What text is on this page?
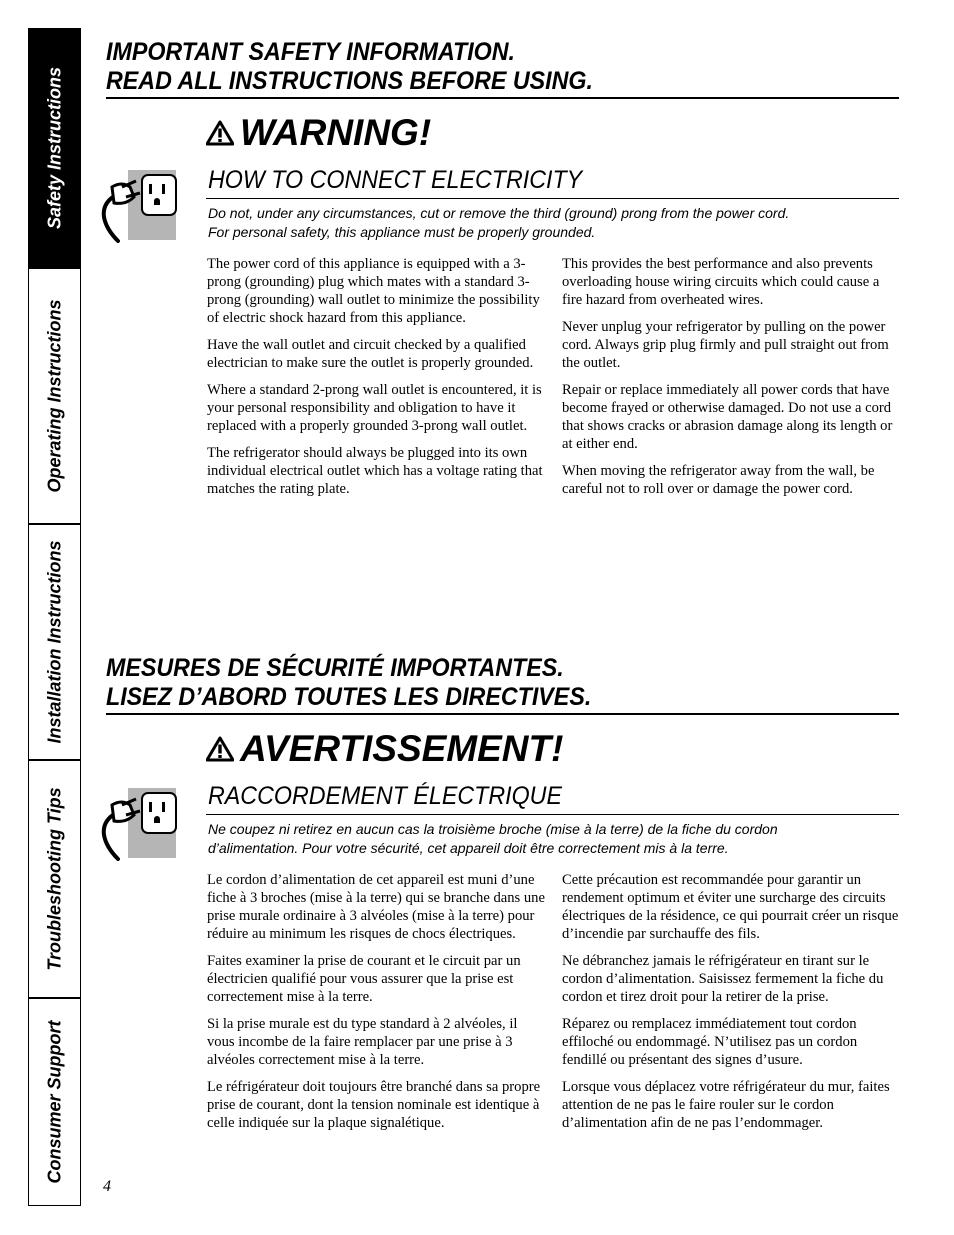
Safety Instructions
Operating Instructions
Installation Instructions
Troubleshooting Tips
Consumer Support
IMPORTANT SAFETY INFORMATION.
READ ALL INSTRUCTIONS BEFORE USING.
WARNING!
HOW TO CONNECT ELECTRICITY
Do not, under any circumstances, cut or remove the third (ground) prong from the power cord.
For personal safety, this appliance must be properly grounded.

The power cord of this appliance is equipped with a 3-prong (grounding) plug which mates with a standard 3-prong (grounding) wall outlet to minimize the possibility of electric shock hazard from this appliance.

Have the wall outlet and circuit checked by a qualified electrician to make sure the outlet is properly grounded.

Where a standard 2-prong wall outlet is encountered, it is your personal responsibility and obligation to have it replaced with a properly grounded 3-prong wall outlet.

The refrigerator should always be plugged into its own individual electrical outlet which has a voltage rating that matches the rating plate.

This provides the best performance and also prevents overloading house wiring circuits which could cause a fire hazard from overheated wires.

Never unplug your refrigerator by pulling on the power cord. Always grip plug firmly and pull straight out from the outlet.

Repair or replace immediately all power cords that have become frayed or otherwise damaged. Do not use a cord that shows cracks or abrasion damage along its length or at either end.

When moving the refrigerator away from the wall, be careful not to roll over or damage the power cord.

MESURES DE SÉCURITÉ IMPORTANTES.
LISEZ D’ABORD TOUTES LES DIRECTIVES.
AVERTISSEMENT!
RACCORDEMENT ÉLECTRIQUE
Ne coupez ni retirez en aucun cas la troisième broche (mise à la terre) de la fiche du cordon
d’alimentation. Pour votre sécurité, cet appareil doit être correctement mis à la terre.

Le cordon d’alimentation de cet appareil est muni d’une fiche à 3 broches (mise à la terre) qui se branche dans une prise murale ordinaire à 3 alvéoles (mise à la terre) pour réduire au minimum les risques de chocs électriques.

Faites examiner la prise de courant et le circuit par un électricien qualifié pour vous assurer que la prise est correctement mise à la terre.

Si la prise murale est du type standard à 2 alvéoles, il vous incombe de la faire remplacer par une prise à 3 alvéoles correctement mise à la terre.

Le réfrigérateur doit toujours être branché dans sa propre prise de courant, dont la tension nominale est identique à celle indiquée sur la plaque signalétique.

Cette précaution est recommandée pour garantir un rendement optimum et éviter une surcharge des circuits électriques de la résidence, ce qui pourrait créer un risque d’incendie par surchauffe des fils.

Ne débranchez jamais le réfrigérateur en tirant sur le cordon d’alimentation. Saisissez fermement la fiche du cordon et tirez droit pour la retirer de la prise.

Réparez ou remplacez immédiatement tout cordon effiloché ou endommagé. N’utilisez pas un cordon fendillé ou présentant des signes d’usure.

Lorsque vous déplacez votre réfrigérateur du mur, faites attention de ne pas le faire rouler sur le cordon d’alimentation afin de ne pas l’endommager.

4
